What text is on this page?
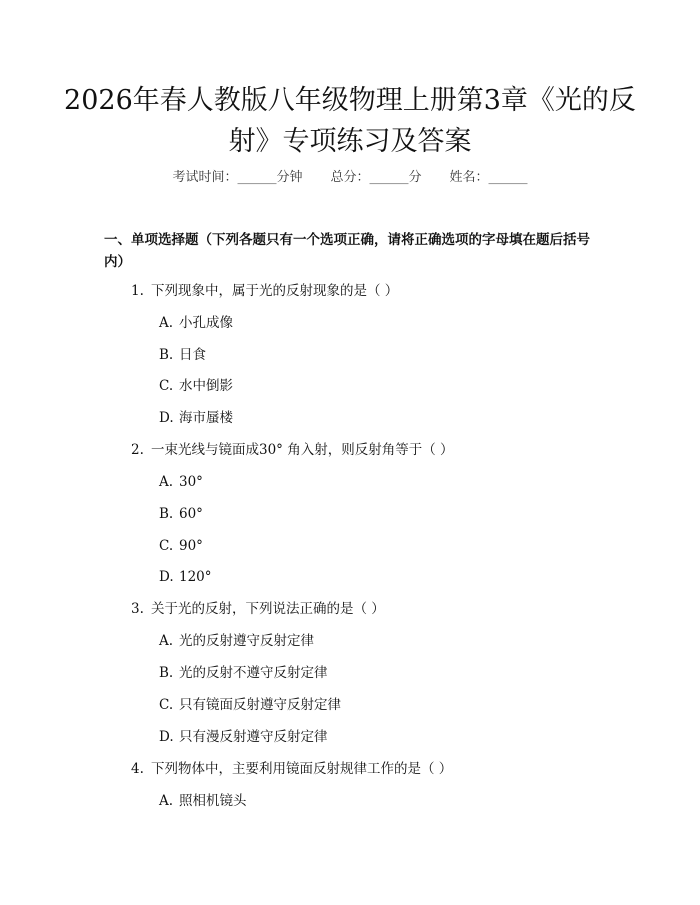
2026年春人教版八年级物理上册第3章《光的反射》专项练习及答案
考试时间：______分钟 总分：______分 姓名：______
一、单项选择题（下列各题只有一个选项正确，请将正确选项的字母填在题后括号内）
1. 下列现象中，属于光的反射现象的是（ ）
A. 小孔成像
B. 日食
C. 水中倒影
D. 海市蜃楼
2. 一束光线与镜面成30° 角入射，则反射角等于（ ）
A. 30°
B. 60°
C. 90°
D. 120°
3. 关于光的反射，下列说法正确的是（ ）
A. 光的反射遵守反射定律
B. 光的反射不遵守反射定律
C. 只有镜面反射遵守反射定律
D. 只有漫反射遵守反射定律
4. 下列物体中，主要利用镜面反射规律工作的是（ ）
A. 照相机镜头
